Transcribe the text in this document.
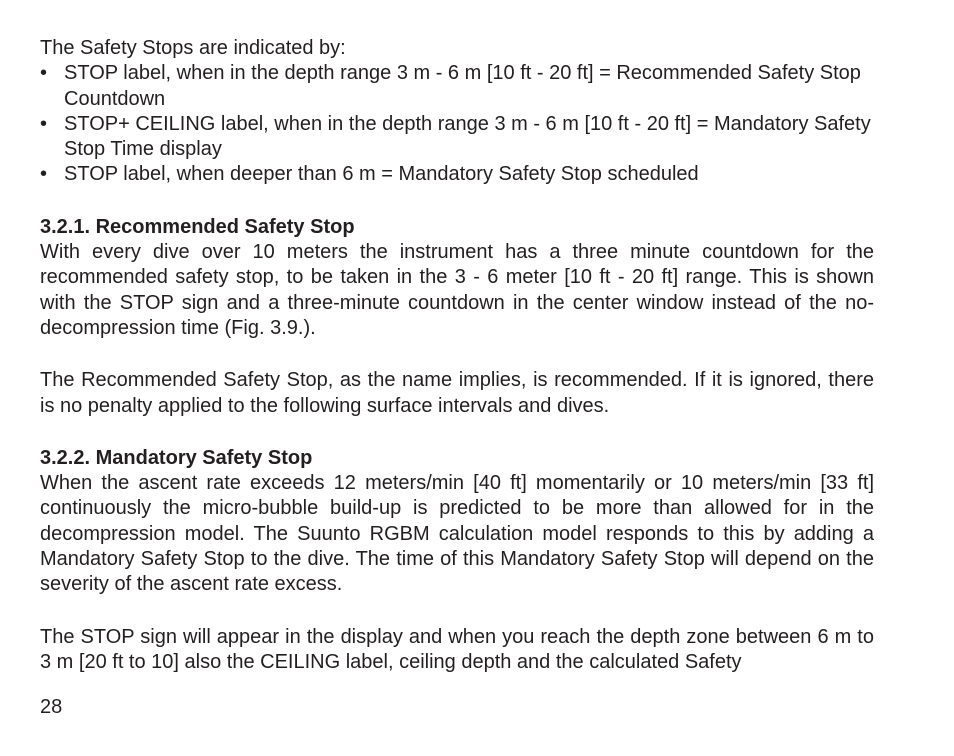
The Safety Stops are indicated by:

• STOP label, when in the depth range 3 m - 6 m [10 ft - 20 ft] = Recommended Safety Stop Countdown
• STOP+ CEILING label, when in the depth range 3 m - 6 m [10 ft - 20 ft] = Mandatory Safety Stop Time display
• STOP label, when deeper than 6 m = Mandatory Safety Stop scheduled
3.2.1. Recommended Safety Stop

With every dive over 10 meters the instrument has a three minute countdown for the recommended safety stop, to be taken in the 3 - 6 meter [10 ft - 20 ft] range. This is shown with the STOP sign and a three-minute countdown in the center window instead of the no-decompression time (Fig. 3.9.).

The Recommended Safety Stop, as the name implies, is recommended. If it is ignored, there is no penalty applied to the following surface intervals and dives.

3.2.2. Mandatory Safety Stop

When the ascent rate exceeds 12 meters/min [40 ft] momentarily or 10 meters/min [33 ft] continuously the micro-bubble build-up is predicted to be more than allowed for in the decompression model. The Suunto RGBM calculation model responds to this by adding a Mandatory Safety Stop to the dive. The time of this Mandatory Safety Stop will depend on the severity of the ascent rate excess.

The STOP sign will appear in the display and when you reach the depth zone between 6 m to 3 m [20 ft to 10] also the CEILING label, ceiling depth and the calculated Safety

28
